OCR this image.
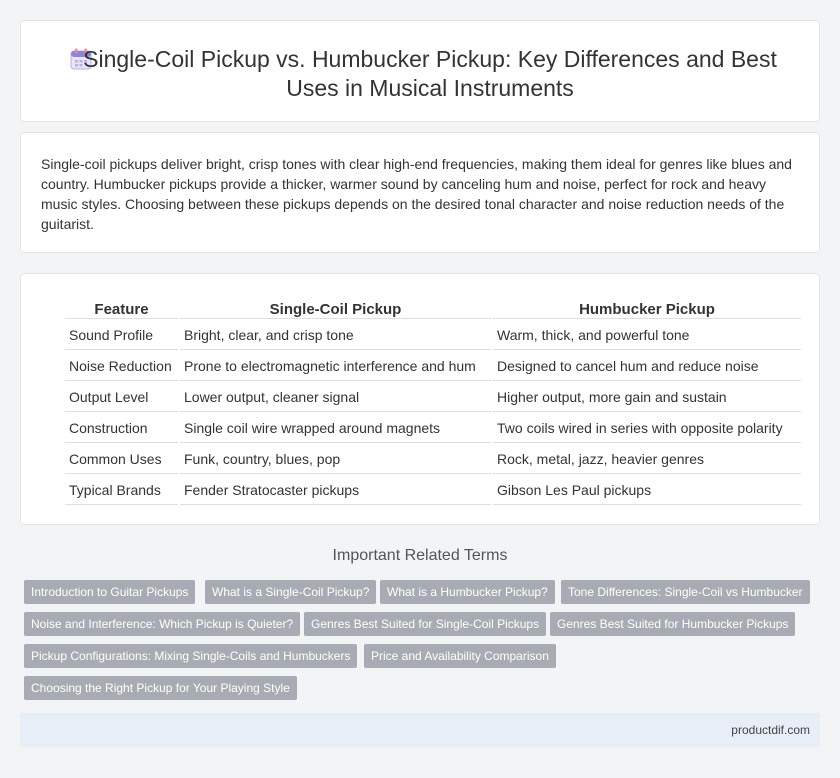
Single-Coil Pickup vs. Humbucker Pickup: Key Differences and Best Uses in Musical Instruments

Single-coil pickups deliver bright, crisp tones with clear high-end frequencies, making them ideal for genres like blues and country. Humbucker pickups provide a thicker, warmer sound by canceling hum and noise, perfect for rock and heavy music styles. Choosing between these pickups depends on the desired tonal character and noise reduction needs of the guitarist.

Feature	Single-Coil Pickup	Humbucker Pickup
Sound Profile	Bright, clear, and crisp tone	Warm, thick, and powerful tone
Noise Reduction	Prone to electromagnetic interference and hum	Designed to cancel hum and reduce noise
Output Level	Lower output, cleaner signal	Higher output, more gain and sustain
Construction	Single coil wire wrapped around magnets	Two coils wired in series with opposite polarity
Common Uses	Funk, country, blues, pop	Rock, metal, jazz, heavier genres
Typical Brands	Fender Stratocaster pickups	Gibson Les Paul pickups
Important Related Terms
Introduction to Guitar Pickups	What is a Single-Coil Pickup?	What is a Humbucker Pickup?	Tone Differences: Single-Coil vs Humbucker
Noise and Interference: Which Pickup is Quieter?	Genres Best Suited for Single-Coil Pickups	Genres Best Suited for Humbucker Pickups
Pickup Configurations: Mixing Single-Coils and Humbuckers	Price and Availability Comparison
Choosing the Right Pickup for Your Playing Style
productdif.com
